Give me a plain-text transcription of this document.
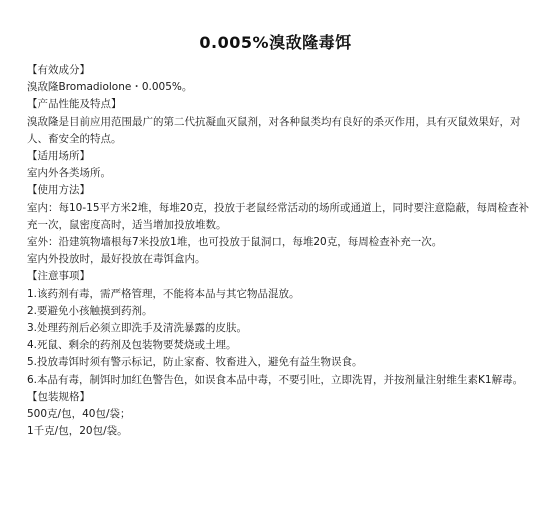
0.005%溴敌隆毒饵
【有效成分】
溴敌隆Bromadiolone・0.005%。
【产品性能及特点】
溴敌隆是目前应用范围最广的第二代抗凝血灭鼠剂，对各种鼠类均有良好的杀灭作用，具有灭鼠效果好，对人、畜安全的特点。
【适用场所】
室内外各类场所。
【使用方法】
室内：每10-15平方米2堆，每堆20克，投放于老鼠经常活动的场所或通道上，同时要注意隐蔽，每周检查补充一次，鼠密度高时，适当增加投放堆数。
室外：沿建筑物墙根每7米投放1堆，也可投放于鼠洞口，每堆20克，每周检查补充一次。
室内外投放时，最好投放在毒饵盒内。
【注意事项】
1.该药剂有毒，需严格管理，不能将本品与其它物品混放。
2.要避免小孩触摸到药剂。
3.处理药剂后必须立即洗手及清洗暴露的皮肤。
4.死鼠、剩余的药剂及包装物要焚烧或土埋。
5.投放毒饵时须有警示标记，防止家畜、牧畜进入，避免有益生物误食。
6.本品有毒，制饵时加红色警告色，如误食本品中毒，不要引吐，立即洗胃，并按剂量注射维生素K1解毒。
【包装规格】
500克/包，40包/袋；
1千克/包，20包/袋。
